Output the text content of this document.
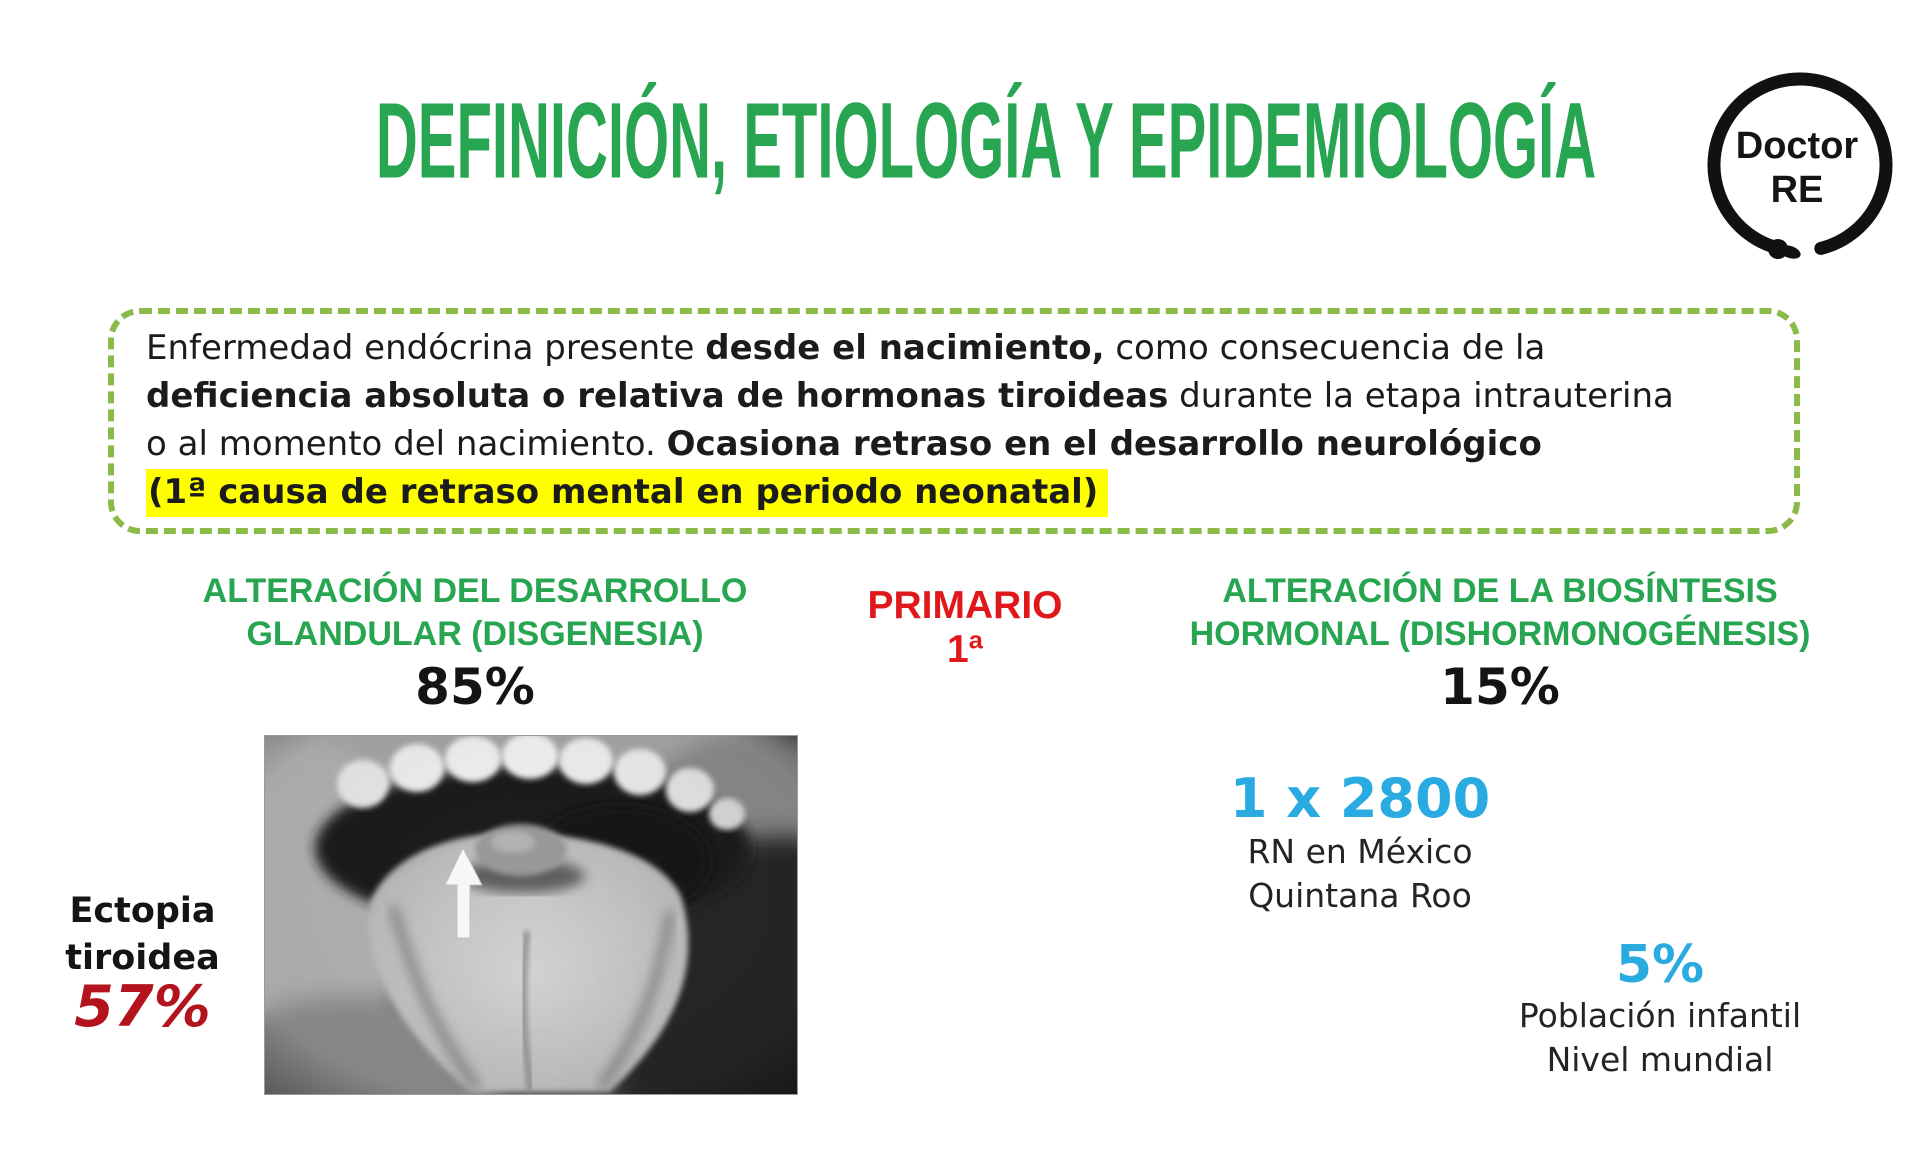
DEFINICIÓN, ETIOLOGÍA Y EPIDEMIOLOGÍA	Doctor
RE
Enfermedad endócrina presente desde el nacimiento, como consecuencia de la
deficiencia absoluta o relativa de hormonas tiroideas durante la etapa intrauterina
o al momento del nacimiento. Ocasiona retraso en el desarrollo neurológico
(1ª causa de retraso mental en periodo neonatal)
ALTERACIÓN DEL DESARROLLO
GLANDULAR (DISGENESIA)
85%
PRIMARIO
1ª
ALTERACIÓN DE LA BIOSÍNTESIS
HORMONAL (DISHORMONOGÉNESIS)
15%
Ectopia
tiroidea
57%
1 x 2800
RN en México
Quintana Roo
5%
Población infantil
Nivel mundial
